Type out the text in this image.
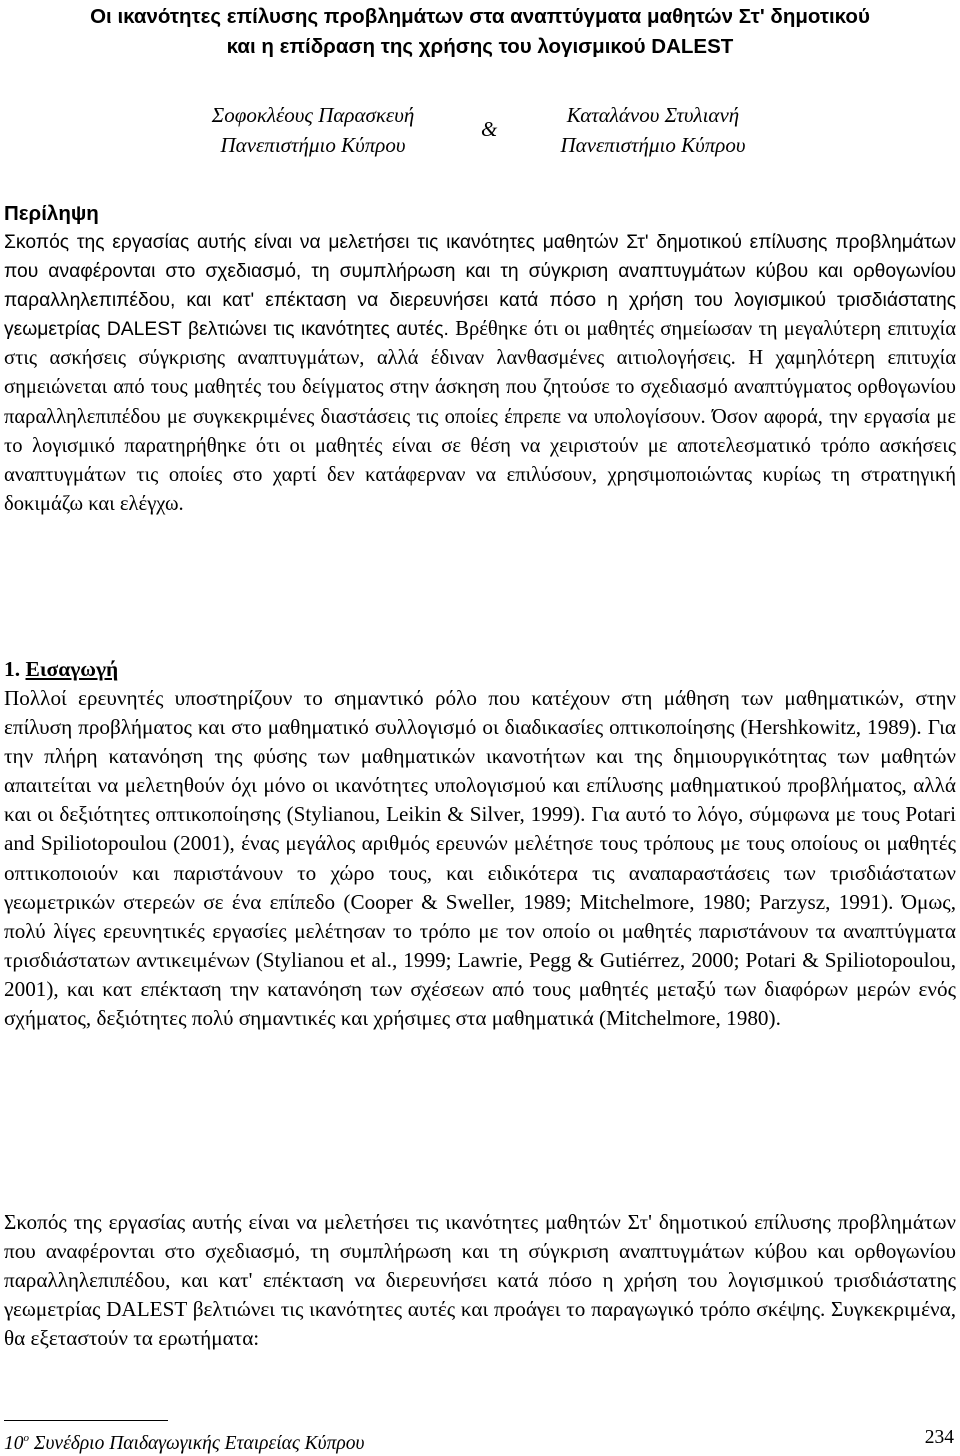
Οι ικανότητες επίλυσης προβλημάτων στα αναπτύγματα μαθητών Στ' δημοτικού
και η επίδραση της χρήσης του λογισμικού DALEST
Σοφοκλέους Παρασκευή
Πανεπιστήμιο Κύπρου
&
Καταλάνου Στυλιανή
Πανεπιστήμιο Κύπρου
Περίληψη
Σκοπός της εργασίας αυτής είναι να μελετήσει τις ικανότητες μαθητών Στ' δημοτικού επίλυσης προβλημάτων που αναφέρονται στο σχεδιασμό, τη συμπλήρωση και τη σύγκριση αναπτυγμάτων κύβου και ορθογωνίου παραλληλεπιπέδου, και κατ' επέκταση να διερευνήσει κατά πόσο η χρήση του λογισμικού τρισδιάστατης γεωμετρίας DALEST βελτιώνει τις ικανότητες αυτές. Βρέθηκε ότι οι μαθητές σημείωσαν τη μεγαλύτερη επιτυχία στις ασκήσεις σύγκρισης αναπτυγμάτων, αλλά έδιναν λανθασμένες αιτιολογήσεις. Η χαμηλότερη επιτυχία σημειώνεται από τους μαθητές του δείγματος στην άσκηση που ζητούσε το σχεδιασμό αναπτύγματος ορθογωνίου παραλληλεπιπέδου με συγκεκριμένες διαστάσεις τις οποίες έπρεπε να υπολογίσουν. Όσον αφορά, την εργασία με το λογισμικό παρατηρήθηκε ότι οι μαθητές είναι σε θέση να χειριστούν με αποτελεσματικό τρόπο ασκήσεις αναπτυγμάτων τις οποίες στο χαρτί δεν κατάφερναν να επιλύσουν, χρησιμοποιώντας κυρίως τη στρατηγική δοκιμάζω και ελέγχω.
1. Εισαγωγή
Πολλοί ερευνητές υποστηρίζουν το σημαντικό ρόλο που κατέχουν στη μάθηση των μαθηματικών, στην επίλυση προβλήματος και στο μαθηματικό συλλογισμό οι διαδικασίες οπτικοποίησης (Hershkowitz, 1989). Για την πλήρη κατανόηση της φύσης των μαθηματικών ικανοτήτων και της δημιουργικότητας των μαθητών απαιτείται να μελετηθούν όχι μόνο οι ικανότητες υπολογισμού και επίλυσης μαθηματικού προβλήματος, αλλά και οι δεξιότητες οπτικοποίησης (Stylianou, Leikin & Silver, 1999). Για αυτό το λόγο, σύμφωνα με τους Potari and Spiliotopoulou (2001), ένας μεγάλος αριθμός ερευνών μελέτησε τους τρόπους με τους οποίους οι μαθητές οπτικοποιούν και παριστάνουν το χώρο τους, και ειδικότερα τις αναπαραστάσεις των τρισδιάστατων γεωμετρικών στερεών σε ένα επίπεδο (Cooper & Sweller, 1989; Mitchelmore, 1980; Parzysz, 1991). Όμως, πολύ λίγες ερευνητικές εργασίες μελέτησαν το τρόπο με τον οποίο οι μαθητές παριστάνουν τα αναπτύγματα τρισδιάστατων αντικειμένων (Stylianou et al., 1999; Lawrie, Pegg & Gutiérrez, 2000; Potari & Spiliotopoulou, 2001), και κατ επέκταση την κατανόηση των σχέσεων από τους μαθητές μεταξύ των διαφόρων μερών ενός σχήματος, δεξιότητες πολύ σημαντικές και χρήσιμες στα μαθηματικά (Mitchelmore, 1980).
Σκοπός της εργασίας αυτής είναι να μελετήσει τις ικανότητες μαθητών Στ' δημοτικού επίλυσης προβλημάτων που αναφέρονται στο σχεδιασμό, τη συμπλήρωση και τη σύγκριση αναπτυγμάτων κύβου και ορθογωνίου παραλληλεπιπέδου, και κατ' επέκταση να διερευνήσει κατά πόσο η χρήση του λογισμικού τρισδιάστατης γεωμετρίας DALEST βελτιώνει τις ικανότητες αυτές και προάγει το παραγωγικό τρόπο σκέψης. Συγκεκριμένα, θα εξεταστούν τα ερωτήματα:
$10^o$ Συνέδριο Παιδαγωγικής Εταιρείας Κύπρου	234
